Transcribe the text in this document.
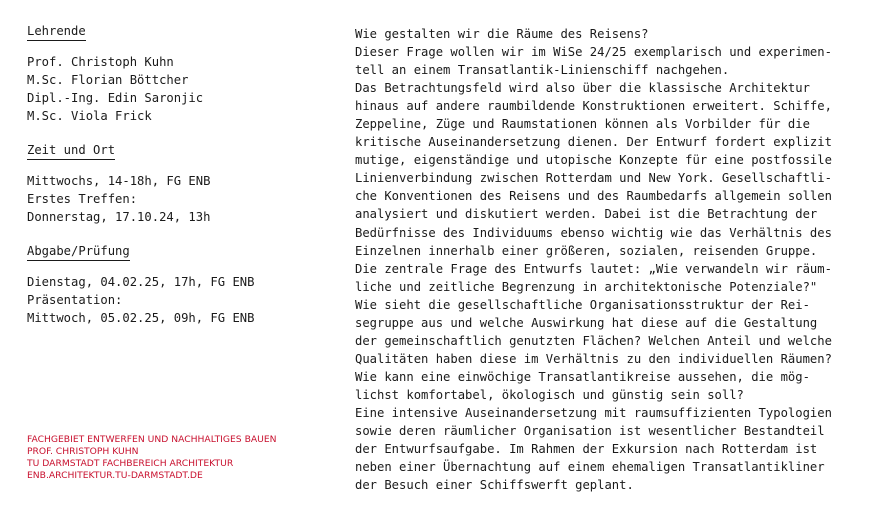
Lehrende
Prof. Christoph Kuhn
M.Sc. Florian Böttcher
Dipl.-Ing. Edin Saronjic
M.Sc. Viola Frick
Zeit und Ort
Mittwochs, 14-18h, FG ENB
Erstes Treffen:
Donnerstag, 17.10.24, 13h
Abgabe/Prüfung
Dienstag, 04.02.25, 17h, FG ENB
Präsentation:
Mittwoch, 05.02.25, 09h, FG ENB
FACHGEBIET ENTWERFEN UND NACHHALTIGES BAUEN
PROF. CHRISTOPH KUHN
TU DARMSTADT FACHBEREICH ARCHITEKTUR
ENB.ARCHITEKTUR.TU-DARMSTADT.DE
Wie gestalten wir die Räume des Reisens?
Dieser Frage wollen wir im WiSe 24/25 exemplarisch und experimen-
tell an einem Transatlantik-Linienschiff nachgehen.
Das Betrachtungsfeld wird also über die klassische Architektur
hinaus auf andere raumbildende Konstruktionen erweitert. Schiffe,
Zeppeline, Züge und Raumstationen können als Vorbilder für die
kritische Auseinandersetzung dienen. Der Entwurf fordert explizit
mutige, eigenständige und utopische Konzepte für eine postfossile
Linienverbindung zwischen Rotterdam und New York. Gesellschaftli-
che Konventionen des Reisens und des Raumbedarfs allgemein sollen
analysiert und diskutiert werden. Dabei ist die Betrachtung der
Bedürfnisse des Individuums ebenso wichtig wie das Verhältnis des
Einzelnen innerhalb einer größeren, sozialen, reisenden Gruppe.
Die zentrale Frage des Entwurfs lautet: „Wie verwandeln wir räum-
liche und zeitliche Begrenzung in architektonische Potenziale?"
Wie sieht die gesellschaftliche Organisationsstruktur der Rei-
segruppe aus und welche Auswirkung hat diese auf die Gestaltung
der gemeinschaftlich genutzten Flächen? Welchen Anteil und welche
Qualitäten haben diese im Verhältnis zu den individuellen Räumen?
Wie kann eine einwöchige Transatlantikreise aussehen, die mög-
lichst komfortabel, ökologisch und günstig sein soll?
Eine intensive Auseinandersetzung mit raumsuffizienten Typologien
sowie deren räumlicher Organisation ist wesentlicher Bestandteil
der Entwurfsaufgabe. Im Rahmen der Exkursion nach Rotterdam ist
neben einer Übernachtung auf einem ehemaligen Transatlantikliner
der Besuch einer Schiffswerft geplant.
